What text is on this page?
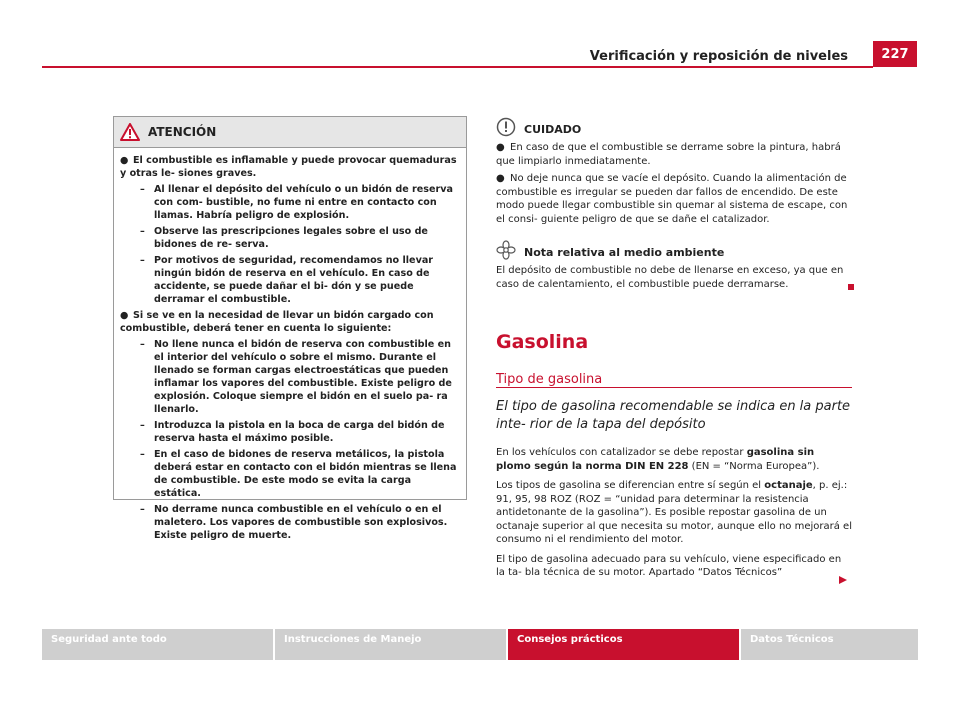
Verificación y reposición de niveles	227
ATENCIÓN
● El combustible es inflamable y puede provocar quemaduras y otras le- siones graves.
– Al llenar el depósito del vehículo o un bidón de reserva con com- bustible, no fume ni entre en contacto con llamas. Habría peligro de explosión.
– Observe las prescripciones legales sobre el uso de bidones de re- serva.
– Por motivos de seguridad, recomendamos no llevar ningún bidón de reserva en el vehículo. En caso de accidente, se puede dañar el bi- dón y se puede derramar el combustible.
● Si se ve en la necesidad de llevar un bidón cargado con combustible, deberá tener en cuenta lo siguiente:
– No llene nunca el bidón de reserva con combustible en el interior del vehículo o sobre el mismo. Durante el llenado se forman cargas electroestáticas que pueden inflamar los vapores del combustible. Existe peligro de explosión. Coloque siempre el bidón en el suelo pa- ra llenarlo.
– Introduzca la pistola en la boca de carga del bidón de reserva hasta el máximo posible.
– En el caso de bidones de reserva metálicos, la pistola deberá estar en contacto con el bidón mientras se llena de combustible. De este modo se evita la carga estática.
– No derrame nunca combustible en el vehículo o en el maletero. Los vapores de combustible son explosivos. Existe peligro de muerte.
CUIDADO
● En caso de que el combustible se derrame sobre la pintura, habrá que limpiarlo inmediatamente.
● No deje nunca que se vacíe el depósito. Cuando la alimentación de combustible es irregular se pueden dar fallos de encendido. De este modo puede llegar combustible sin quemar al sistema de escape, con el consi- guiente peligro de que se dañe el catalizador.
Nota relativa al medio ambiente
El depósito de combustible no debe de llenarse en exceso, ya que en caso de calentamiento, el combustible puede derramarse.
Gasolina
Tipo de gasolina
El tipo de gasolina recomendable se indica en la parte inte- rior de la tapa del depósito

En los vehículos con catalizador se debe repostar gasolina sin plomo según la norma DIN EN 228 (EN = “Norma Europea”).

Los tipos de gasolina se diferencian entre sí según el octanaje, p. ej.: 91, 95, 98 ROZ (ROZ = “unidad para determinar la resistencia antidetonante de la gasolina”). Es posible repostar gasolina de un octanaje superior al que necesita su motor, aunque ello no mejorará el consumo ni el rendimiento del motor.

El tipo de gasolina adecuado para su vehículo, viene especificado en la ta- bla técnica de su motor. Apartado “Datos Técnicos”

Seguridad ante todo	Instrucciones de Manejo	Consejos prácticos	Datos Técnicos
